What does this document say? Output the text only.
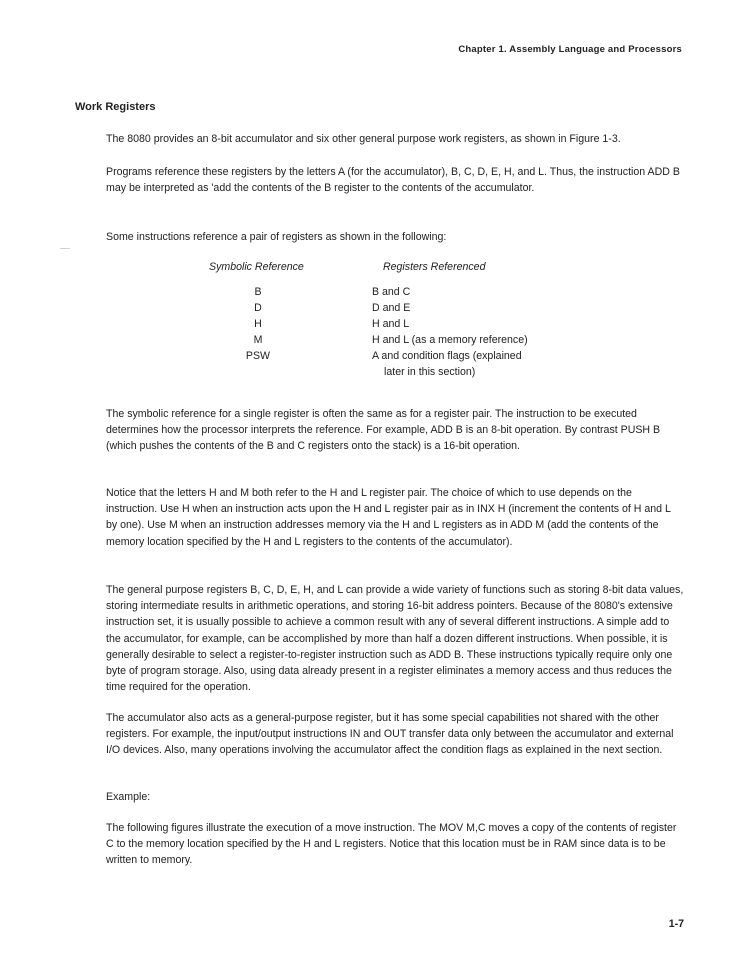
Chapter 1. Assembly Language and Processors
Work Registers

The 8080 provides an 8-bit accumulator and six other general purpose work registers, as shown in Figure 1-3.

Programs reference these registers by the letters A (for the accumulator), B, C, D, E, H, and L. Thus, the instruction ADD B may be interpreted as 'add the contents of the B register to the contents of the accumulator.

Some instructions reference a pair of registers as shown in the following:

Symbolic Reference	Registers Referenced
B	B and C
D	D and E
H	H and L
M	H and L (as a memory reference)
PSW	A and condition flags (explained
later in this section)

The symbolic reference for a single register is often the same as for a register pair. The instruction to be executed determines how the processor interprets the reference. For example, ADD B is an 8-bit operation. By contrast PUSH B (which pushes the contents of the B and C registers onto the stack) is a 16-bit operation.

Notice that the letters H and M both refer to the H and L register pair. The choice of which to use depends on the instruction. Use H when an instruction acts upon the H and L register pair as in INX H (increment the contents of H and L by one). Use M when an instruction addresses memory via the H and L registers as in ADD M (add the contents of the memory location specified by the H and L registers to the contents of the accumulator).

The general purpose registers B, C, D, E, H, and L can provide a wide variety of functions such as storing 8-bit data values, storing intermediate results in arithmetic operations, and storing 16-bit address pointers. Because of the 8080's extensive instruction set, it is usually possible to achieve a common result with any of several different instructions. A simple add to the accumulator, for example, can be accomplished by more than half a dozen different instructions. When possible, it is generally desirable to select a register-to-register instruction such as ADD B. These instructions typically require only one byte of program storage. Also, using data already present in a register eliminates a memory access and thus reduces the time required for the operation.

The accumulator also acts as a general-purpose register, but it has some special capabilities not shared with the other registers. For example, the input/output instructions IN and OUT transfer data only between the accumulator and external I/O devices. Also, many operations involving the accumulator affect the condition flags as explained in the next section.

Example:

The following figures illustrate the execution of a move instruction. The MOV M,C moves a copy of the contents of register C to the memory location specified by the H and L registers. Notice that this location must be in RAM since data is to be written to memory.

1-7
